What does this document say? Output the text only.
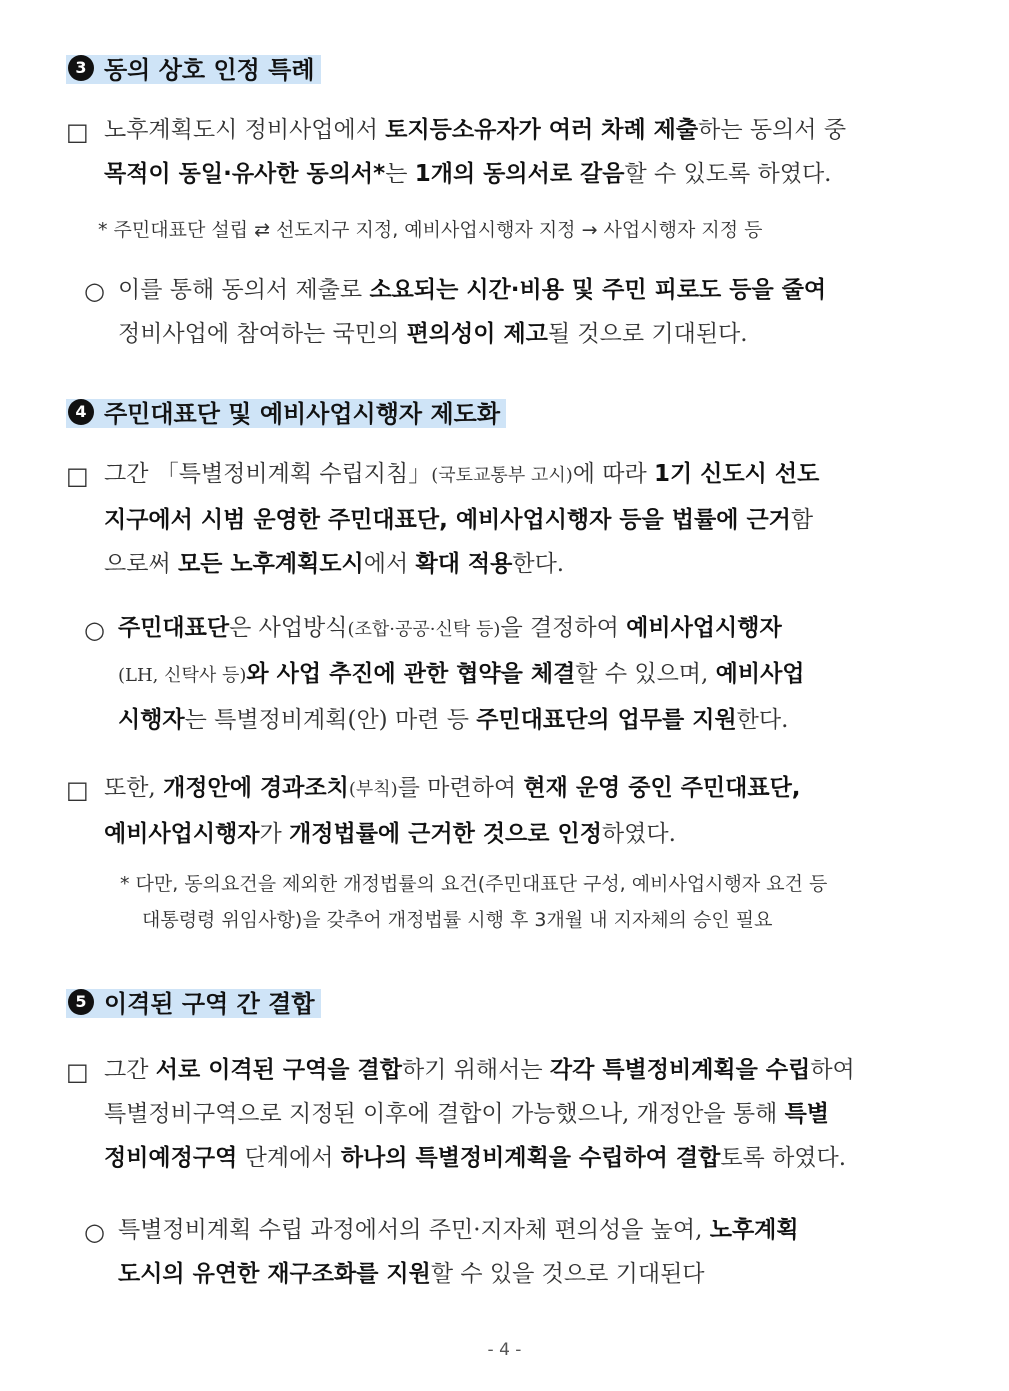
3 동의 상호 인정 특례
□ 노후계획도시 정비사업에서 토지등소유자가 여러 차례 제출하는 동의서 중
목적이 동일·유사한 동의서*는 1개의 동의서로 갈음할 수 있도록 하였다.
* 주민대표단 설립 ⇄ 선도지구 지정, 예비사업시행자 지정 → 사업시행자 지정 등
○ 이를 통해 동의서 제출로 소요되는 시간·비용 및 주민 피로도 등을 줄여
정비사업에 참여하는 국민의 편의성이 제고될 것으로 기대된다.
4 주민대표단 및 예비사업시행자 제도화
□ 그간 「특별정비계획 수립지침」(국토교통부 고시)에 따라 1기 신도시 선도
지구에서 시범 운영한 주민대표단, 예비사업시행자 등을 법률에 근거함
으로써 모든 노후계획도시에서 확대 적용한다.
○ 주민대표단은 사업방식(조합·공공·신탁 등)을 결정하여 예비사업시행자
(LH, 신탁사 등)와 사업 추진에 관한 협약을 체결할 수 있으며, 예비사업
시행자는 특별정비계획(안) 마련 등 주민대표단의 업무를 지원한다.
□ 또한, 개정안에 경과조치(부칙)를 마련하여 현재 운영 중인 주민대표단,
예비사업시행자가 개정법률에 근거한 것으로 인정하였다.
* 다만, 동의요건을 제외한 개정법률의 요건(주민대표단 구성, 예비사업시행자 요건 등
대통령령 위임사항)을 갖추어 개정법률 시행 후 3개월 내 지자체의 승인 필요
5 이격된 구역 간 결합
□ 그간 서로 이격된 구역을 결합하기 위해서는 각각 특별정비계획을 수립하여
특별정비구역으로 지정된 이후에 결합이 가능했으나, 개정안을 통해 특별
정비예정구역 단계에서 하나의 특별정비계획을 수립하여 결합토록 하였다.
○ 특별정비계획 수립 과정에서의 주민·지자체 편의성을 높여, 노후계획
도시의 유연한 재구조화를 지원할 수 있을 것으로 기대된다
- 4 -
